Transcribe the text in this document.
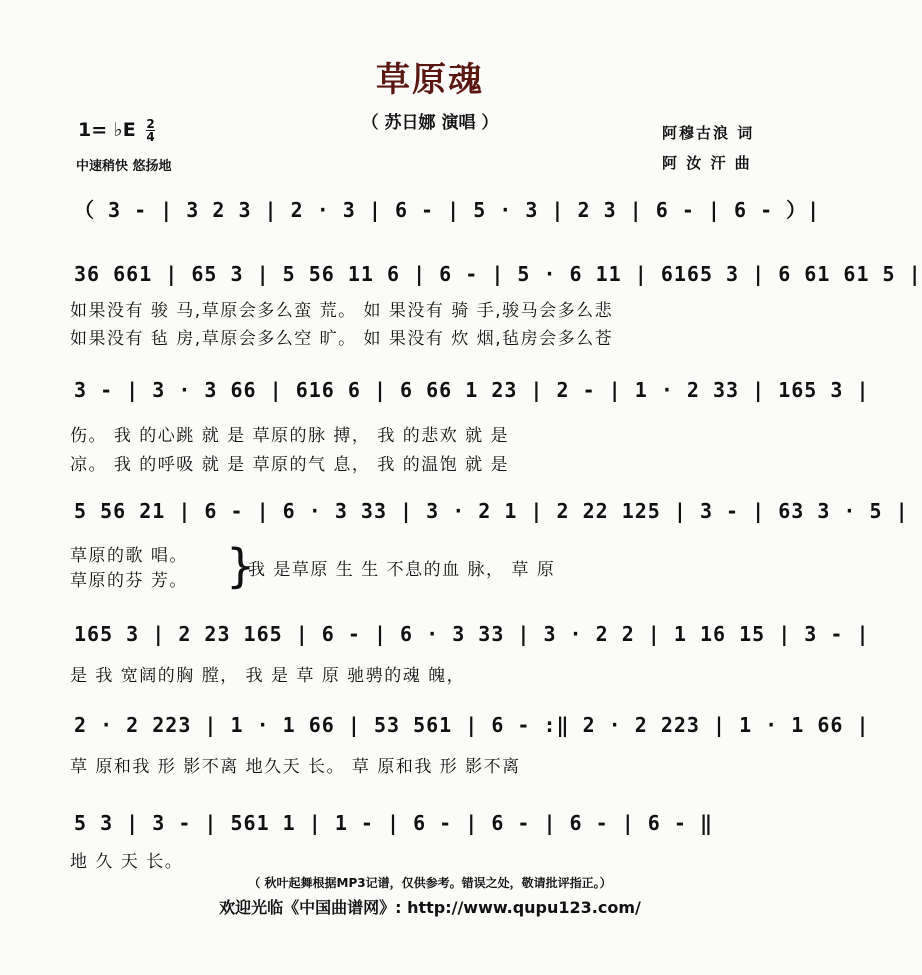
草原魂
（ 苏日娜 演唱 ）
1= ♭E $\frac{2}{4}$
中速稍快 悠扬地
阿穆古浪 词
阿 汝 汗 曲
（ 3 - | 3 2 3 | 2 · 3 | 6 - | 5 · 3 | 2 3 | 6 - | 6 - ）|
36 661 | 65 3 | 5 56 11 6 | 6 - | 5 · 6 11 | 6165 3 | 6 61 61 5 |
如果没有 骏 马,草原会多么蛮 荒。 如 果没有 骑 手,骏马会多么悲
如果没有 毡 房,草原会多么空 旷。 如 果没有 炊 烟,毡房会多么苍
3 - | 3 · 3 66 | 616 6 | 6 66 1 23 | 2 - | 1 · 2 33 | 165 3 |
伤。 我 的心跳 就 是 草原的脉 搏， 我 的悲欢 就 是
凉。 我 的呼吸 就 是 草原的气 息， 我 的温饱 就 是
5 56 21 | 6 - | 6 · 3 33 | 3 · 2 1 | 2 22 125 | 3 - | 63 3 · 5 |
草原的歌 唱。
草原的芬 芳。 }
我 是草原 生 生 不息的血 脉， 草 原
165 3 | 2 23 165 | 6 - | 6 · 3 33 | 3 · 2 2 | 1 16 15 | 3 - |
是 我 宽阔的胸 膛， 我 是 草 原 驰骋的魂 魄，
2 · 2 223 | 1 · 1 66 | 53 561 | 6 - :‖ 2 · 2 223 | 1 · 1 66 |
草 原和我 形 影不离 地久天 长。 草 原和我 形 影不离
5 3 | 3 - | 561 1 | 1 - | 6 - | 6 - | 6 - | 6 - ‖
地 久 天 长。
（ 秋叶起舞根据MP3记谱，仅供参考。错误之处，敬请批评指正。）
欢迎光临《中国曲谱网》: http://www.qupu123.com/
